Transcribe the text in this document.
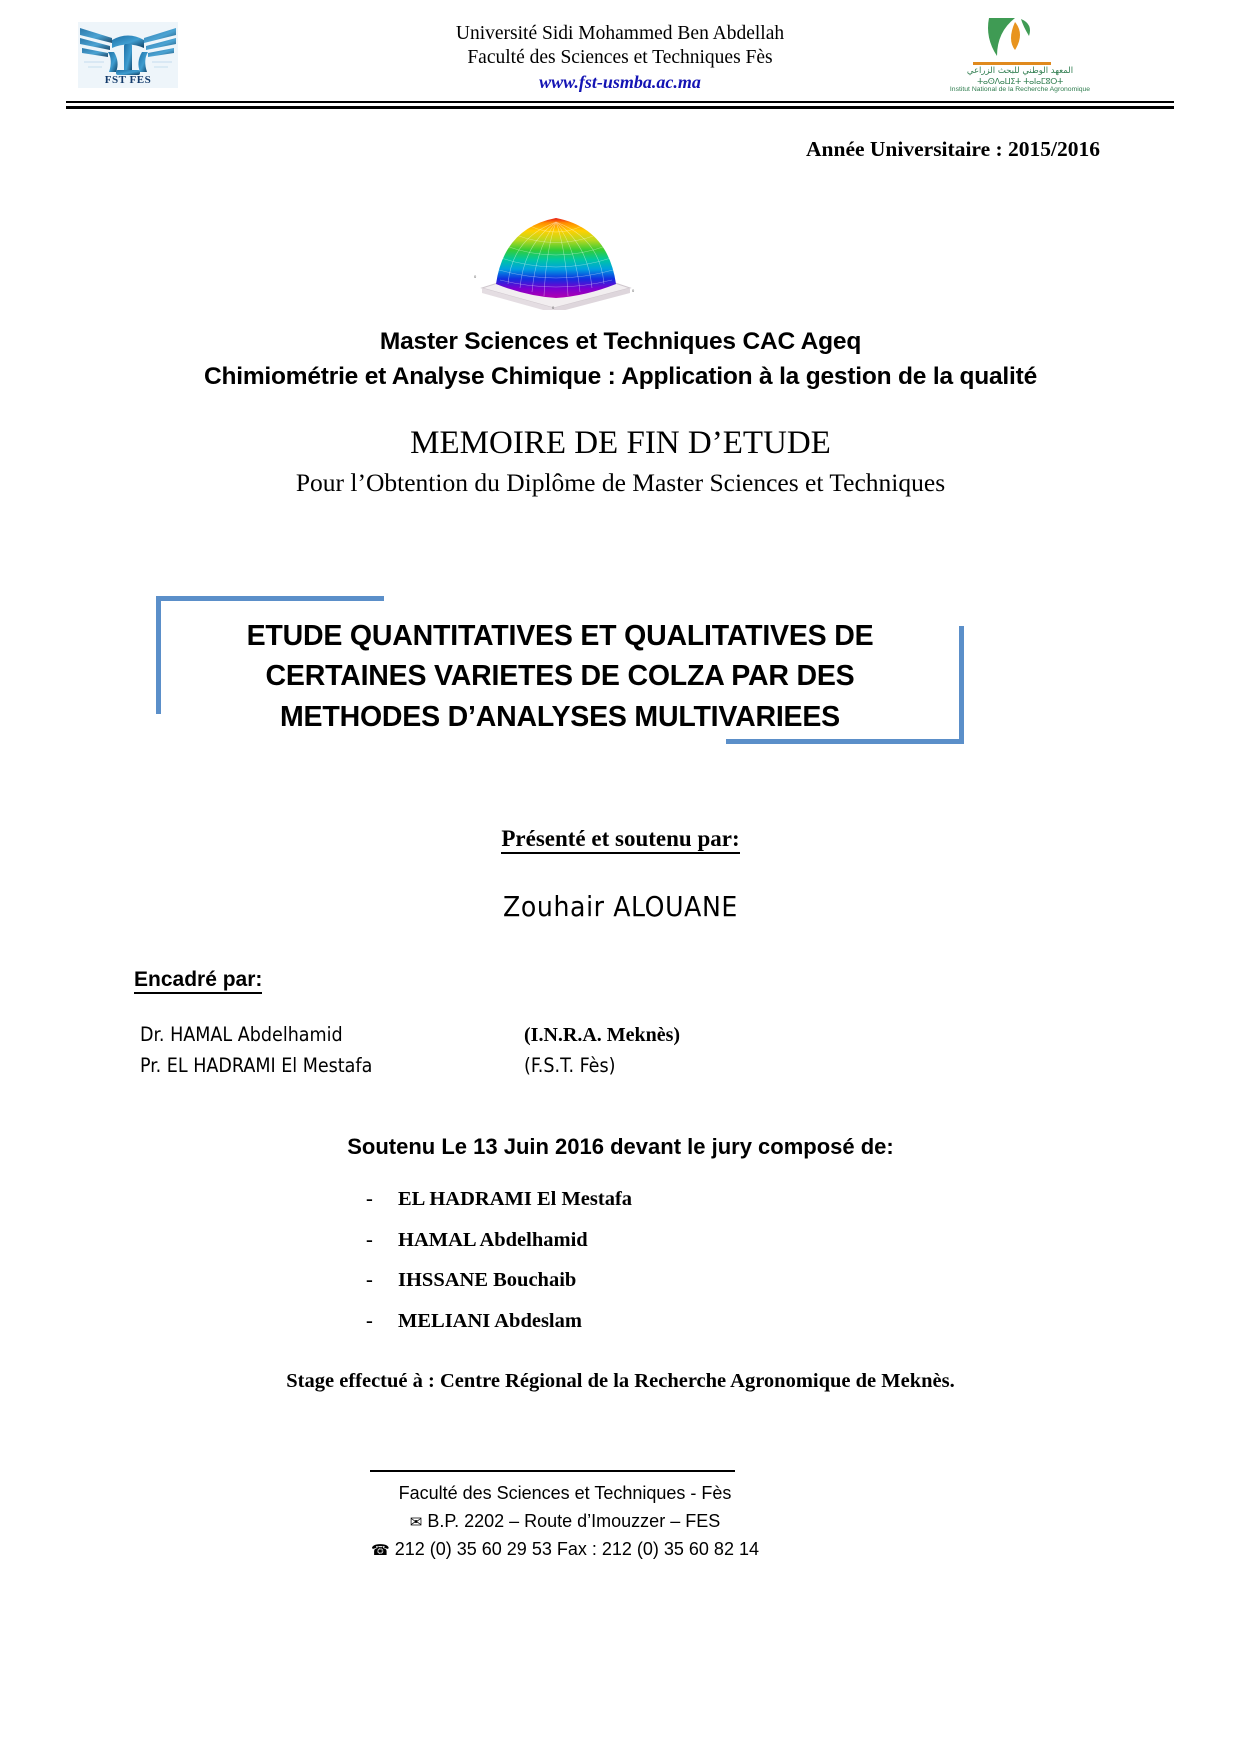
FST FES
Université Sidi Mohammed Ben Abdellah
Faculté des Sciences et Techniques Fès
www.fst-usmba.ac.ma
المعهد الوطني للبحث الزراعي
ⵜⴰⵙⴷⴰⵡⵉⵜ ⵜⴰⵏⴰⵎⵓⵔⵜ
Institut National de la Recherche Agronomique
Année Universitaire : 2015/2016
0
0
0
Master Sciences et Techniques CAC Ageq
Chimiométrie et Analyse Chimique : Application à la gestion de la qualité
MEMOIRE DE FIN D’ETUDE
Pour l’Obtention du Diplôme de Master Sciences et Techniques
ETUDE QUANTITATIVES ET QUALITATIVES DE
CERTAINES VARIETES DE COLZA PAR DES
METHODES D’ANALYSES MULTIVARIEES
Présenté et soutenu par:
Zouhair ALOUANE
Encadré par:
Dr. HAMAL Abdelhamid	(I.N.R.A. Meknès)
Pr. EL HADRAMI El Mestafa	(F.S.T. Fès)
Soutenu Le 13 Juin 2016 devant le jury composé de:
-	EL HADRAMI El Mestafa
-	HAMAL Abdelhamid
-	IHSSANE Bouchaib
-	MELIANI Abdeslam
Stage effectué à : Centre Régional de la Recherche Agronomique de Meknès.
Faculté des Sciences et Techniques - Fès
✉ B.P. 2202 – Route d’Imouzzer – FES
☎ 212 (0) 35 60 29 53 Fax : 212 (0) 35 60 82 14
